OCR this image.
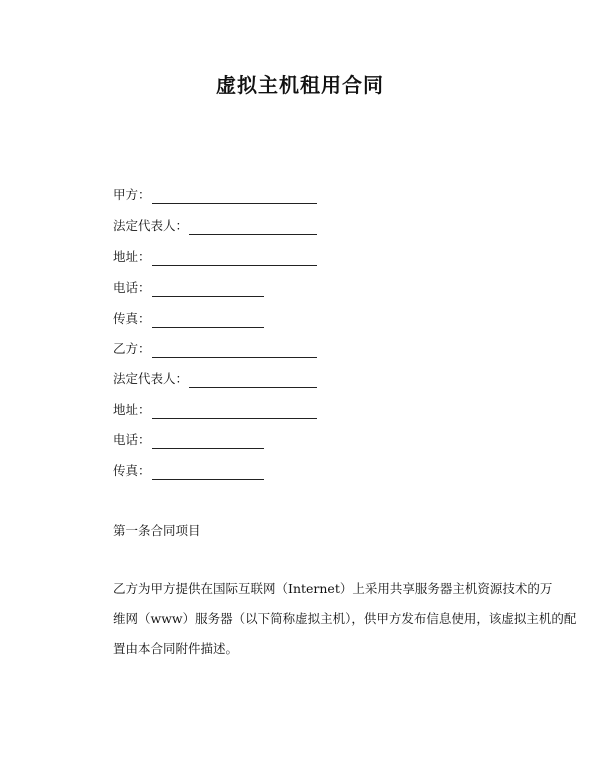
虚拟主机租用合同
甲方：
法定代表人：
地址：
电话：
传真：
乙方：
法定代表人：
地址：
电话：
传真：
第一条合同项目

乙方为甲方提供在国际互联网（Internet）上采用共享服务器主机资源技术的万
维网（www）服务器（以下简称虚拟主机），供甲方发布信息使用，该虚拟主机的配
置由本合同附件描述。
